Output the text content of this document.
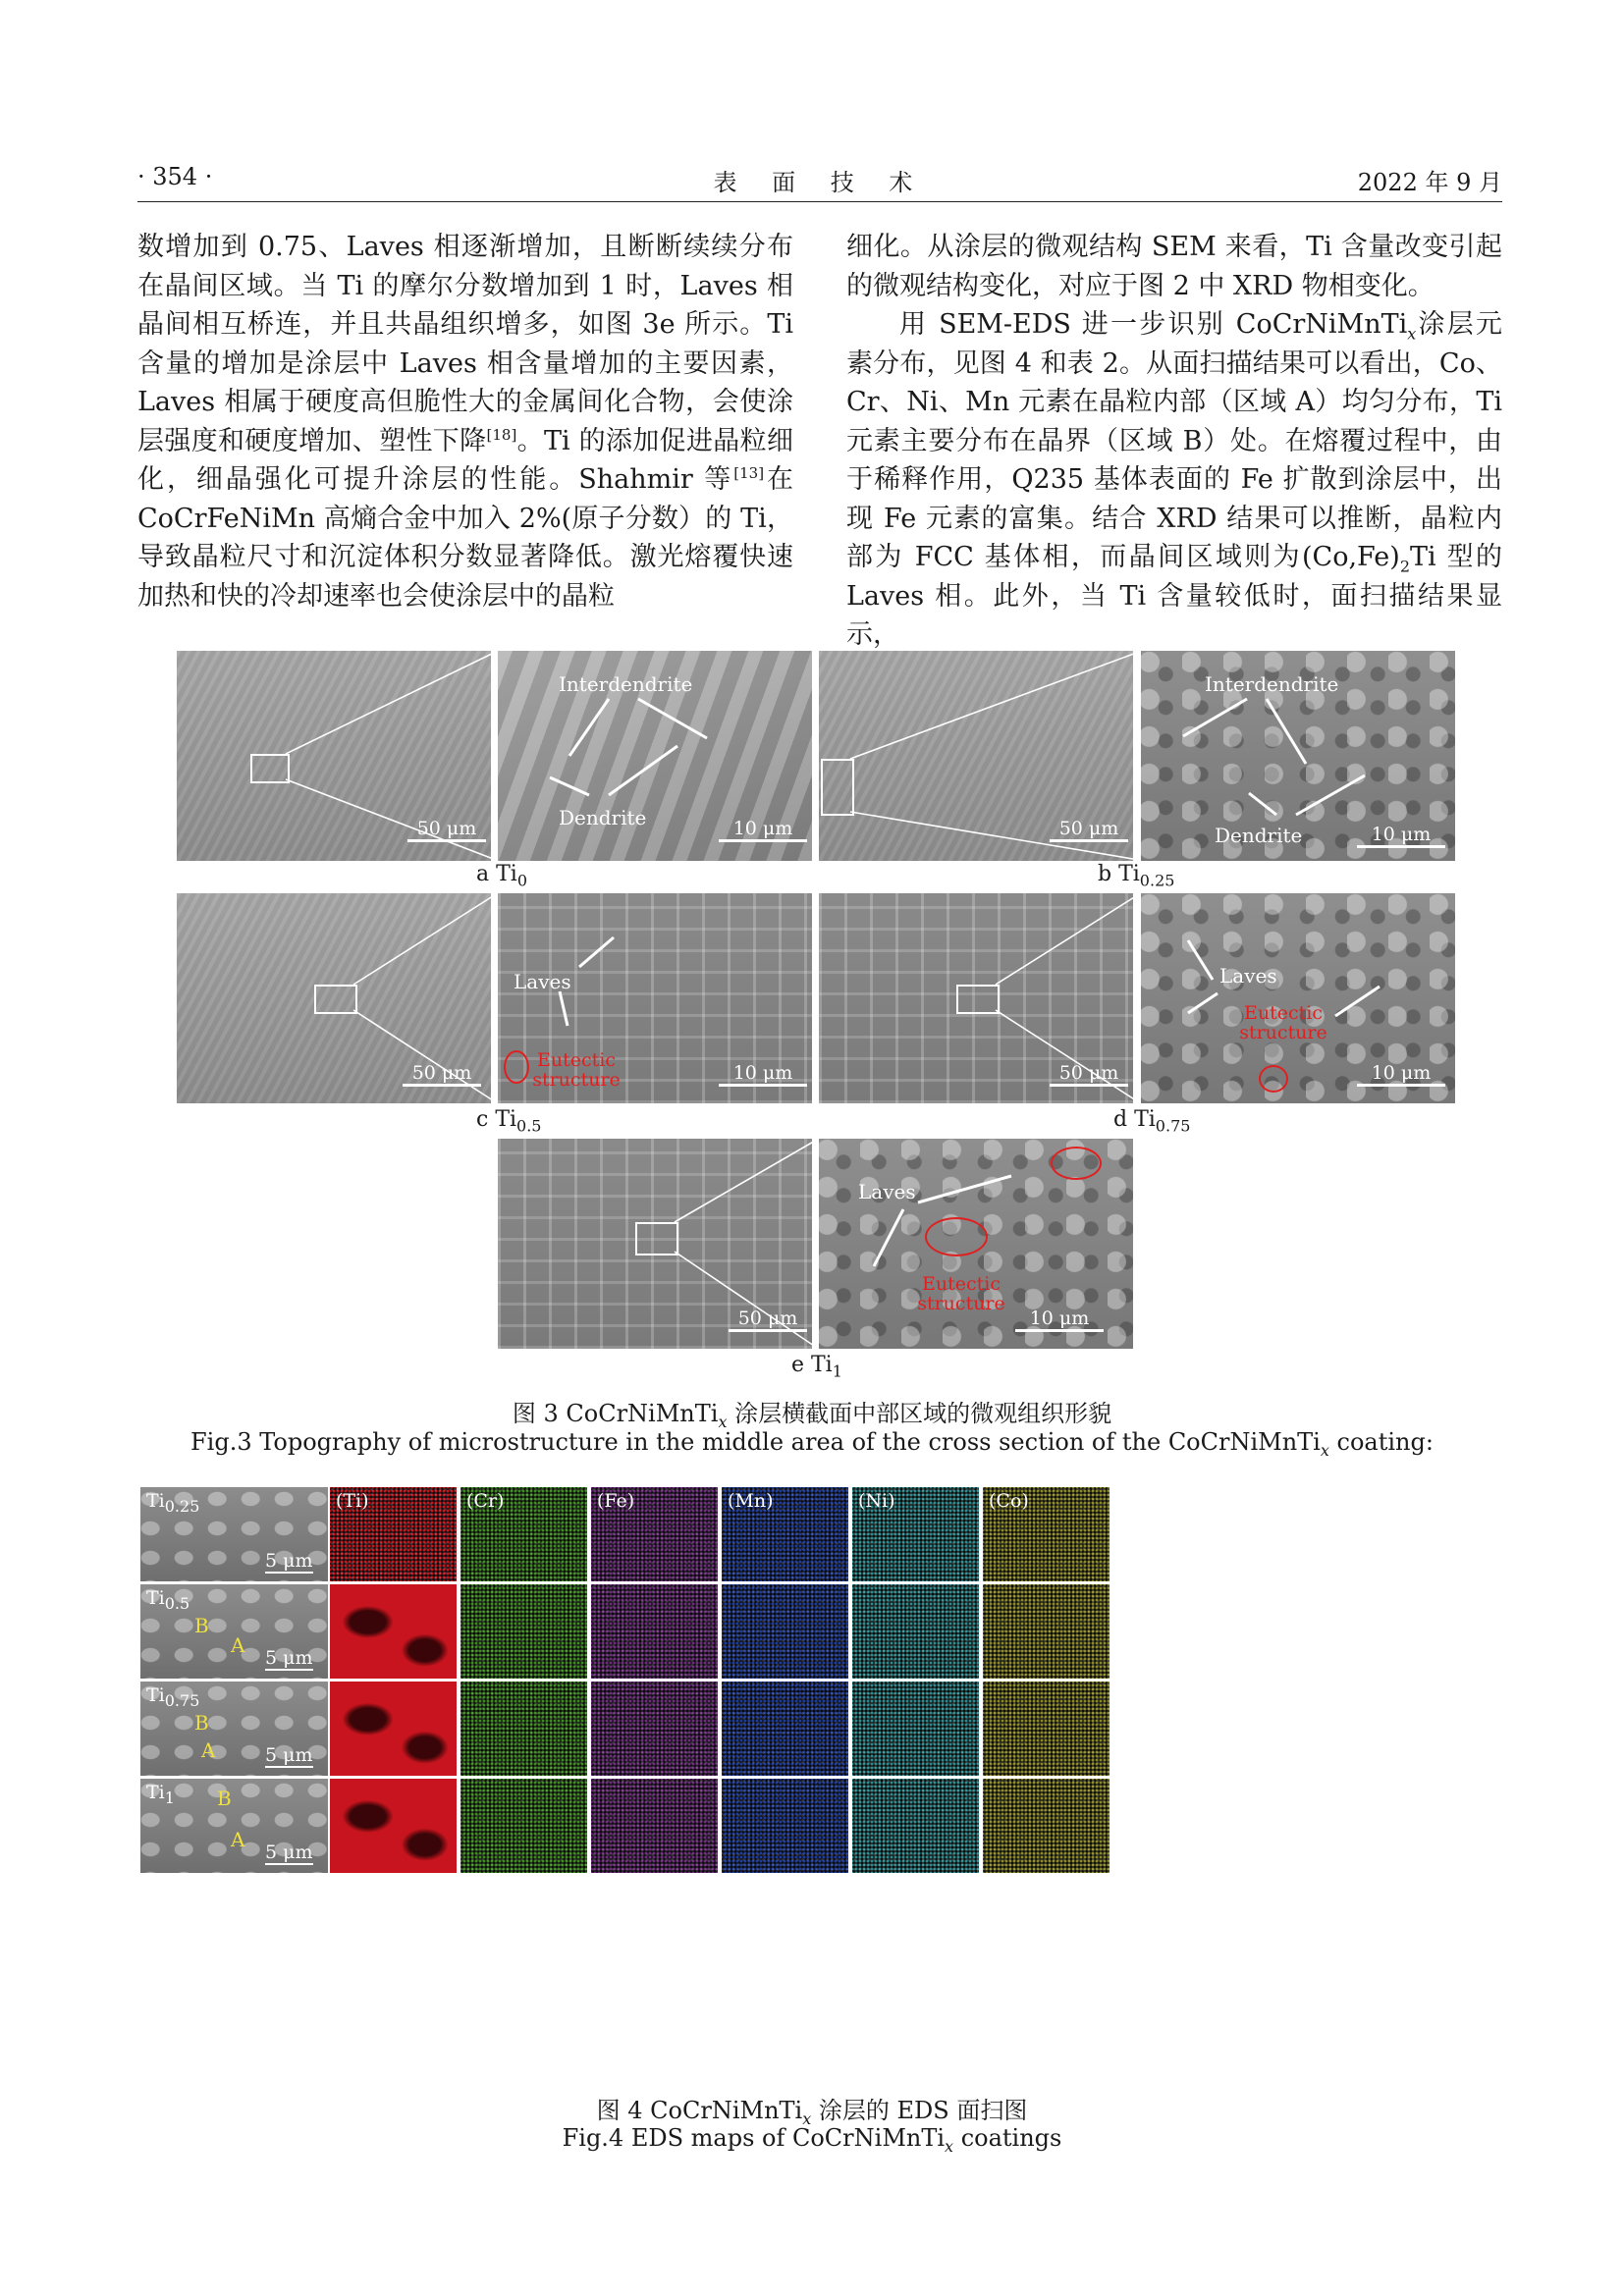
· 354 ·	表 面 技 术	2022 年 9 月

数增加到 0.75、Laves 相逐渐增加，且断断续续分布在晶间区域。当 Ti 的摩尔分数增加到 1 时，Laves 相晶间相互桥连，并且共晶组织增多，如图 3e 所示。Ti 含量的增加是涂层中 Laves 相含量增加的主要因素，Laves 相属于硬度高但脆性大的金属间化合物，会使涂层强度和硬度增加、塑性下降[18]。Ti 的添加促进晶粒细化，细晶强化可提升涂层的性能。Shahmir 等[13]在 CoCrFeNiMn 高熵合金中加入 2%(原子分数）的 Ti，导致晶粒尺寸和沉淀体积分数显著降低。激光熔覆快速加热和快的冷却速率也会使涂层中的晶粒

细化。从涂层的微观结构 SEM 来看，Ti 含量改变引起的微观结构变化，对应于图 2 中 XRD 物相变化。

用 SEM-EDS 进一步识别 CoCrNiMnTi$_x$涂层元素分布，见图 4 和表 2。从面扫描结果可以看出，Co、Cr、Ni、Mn 元素在晶粒内部（区域 A）均匀分布，Ti 元素主要分布在晶界（区域 B）处。在熔覆过程中，由于稀释作用，Q235 基体表面的 Fe 扩散到涂层中，出现 Fe 元素的富集。结合 XRD 结果可以推断，晶粒内部为 FCC 基体相，而晶间区域则为$(Co,Fe)_2Ti$ 型的 Laves 相。此外，当 Ti 含量较低时，面扫描结果显示，

50 μm
Interdendrite
Dendrite	10 μm	50 μm
Interdendrite
Dendrite	10 μm
a $Ti_0$	b $Ti_{0.25}$
50 μm
Laves
Eutectic
structure	10 μm	50 μm
Laves
Eutectic
structure
10 μm
c $Ti_{0.5}$	d $Ti_{0.75}$
50 μm
Laves
Eutectic
structure
10 μm
e $Ti_1$
图 3 CoCrNiMnTi$_x$ 涂层横截面中部区域的微观组织形貌
Fig.3 Topography of microstructure in the middle area of the cross section of the CoCrNiMnTi$_x$ coating:
$Ti_{0.25}$
5 μm
(Ti)	(Cr)	(Fe)	(Mn)	(Ni)	(Co)
$Ti_{0.5}$
5 μm
B
A
$Ti_{0.75}$
5 μm
B
A
$Ti_1$
5 μm
B
A
图 4 CoCrNiMnTi$_x$ 涂层的 EDS 面扫图
Fig.4 EDS maps of CoCrNiMnTi$_x$ coatings
